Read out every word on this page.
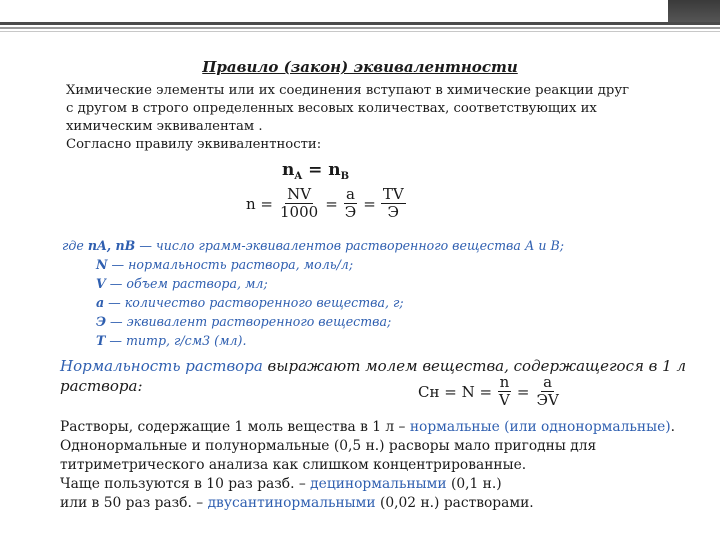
Правило (закон) эквивалентности
Химические элементы или их соединения вступают в химические реакции друг
с другом в строго определенных весовых количествах, соответствующих их
химическим эквивалентам .
Согласно правилу эквивалентности:
$n_A = n_B$
$n = \frac{NV}{1000} = \frac{a}{Э} = \frac{TV}{Э}$
где nA, nB — число грамм-эквивалентов растворенного вещества А и В;
N — нормальность раствора, моль/л;
V — объем раствора, мл;
а — количество растворенного вещества, г;
Э — эквивалент растворенного вещества;
Т — титр, г/см3 (мл).
Нормальность раствора выражают молем вещества, содержащегося в 1 л
раствора:	Cн = $N = \frac{n}{V} = \frac{a}{ЭV}$
Растворы, содержащие 1 моль вещества в 1 л – нормальные (или однонормальные).
Однонормальные и полунормальные (0,5 н.) расворы мало пригодны для
титриметрического анализа как слишком концентрированные.
Чаще пользуются в 10 раз разб. – децинормальными (0,1 н.)
или в 50 раз разб. – двусантинормальными (0,02 н.) растворами.
